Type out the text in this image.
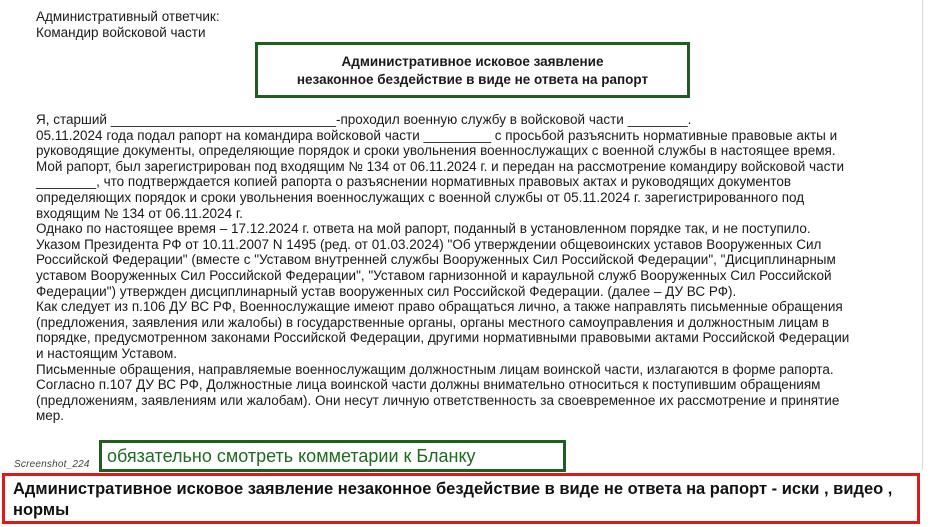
Административный ответчик:
Командир войсковой части
Административное исковое заявление
незаконное бездействие в виде не ответа на рапорт
Я, старший ______________________________-проходил военную службу в войсковой части ________.
05.11.2024 года подал рапорт на командира войсковой части _________ с просьбой разъяснить нормативные правовые акты и
руководящие документы, определяющие порядок и сроки увольнения военнослужащих с военной службы в настоящее время.
Мой рапорт, был зарегистрирован под входящим № 134 от 06.11.2024 г. и передан на рассмотрение командиру войсковой части
________, что подтверждается копией рапорта о разъяснении нормативных правовых актах и руководящих документов
определяющих порядок и сроки увольнения военнослужащих с военной службы от 05.11.2024 г. зарегистрированного под
входящим № 134 от 06.11.2024 г.
Однако по настоящее время – 17.12.2024 г. ответа на мой рапорт, поданный в установленном порядке так, и не поступило.
Указом Президента РФ от 10.11.2007 N 1495 (ред. от 01.03.2024) "Об утверждении общевоинских уставов Вооруженных Сил
Российской Федерации" (вместе с "Уставом внутренней службы Вооруженных Сил Российской Федерации", "Дисциплинарным
уставом Вооруженных Сил Российской Федерации", "Уставом гарнизонной и караульной служб Вооруженных Сил Российской
Федерации") утвержден дисциплинарный устав вооруженных сил Российской Федерации. (далее – ДУ ВС РФ).
Как следует из п.106 ДУ ВС РФ, Военнослужащие имеют право обращаться лично, а также направлять письменные обращения
(предложения, заявления или жалобы) в государственные органы, органы местного самоуправления и должностным лицам в
порядке, предусмотренном законами Российской Федерации, другими нормативными правовыми актами Российской Федерации
и настоящим Уставом.
Письменные обращения, направляемые военнослужащим должностным лицам воинской части, излагаются в форме рапорта.
Согласно п.107 ДУ ВС РФ, Должностные лица воинской части должны внимательно относиться к поступившим обращениям
(предложениям, заявлениям или жалобам). Они несут личную ответственность за своевременное их рассмотрение и принятие
мер.
Screenshot_224 обязательно смотреть комметарии к Бланку
Административное исковое заявление незаконное бездействие в виде не ответа на рапорт - иски , видео , нормы
